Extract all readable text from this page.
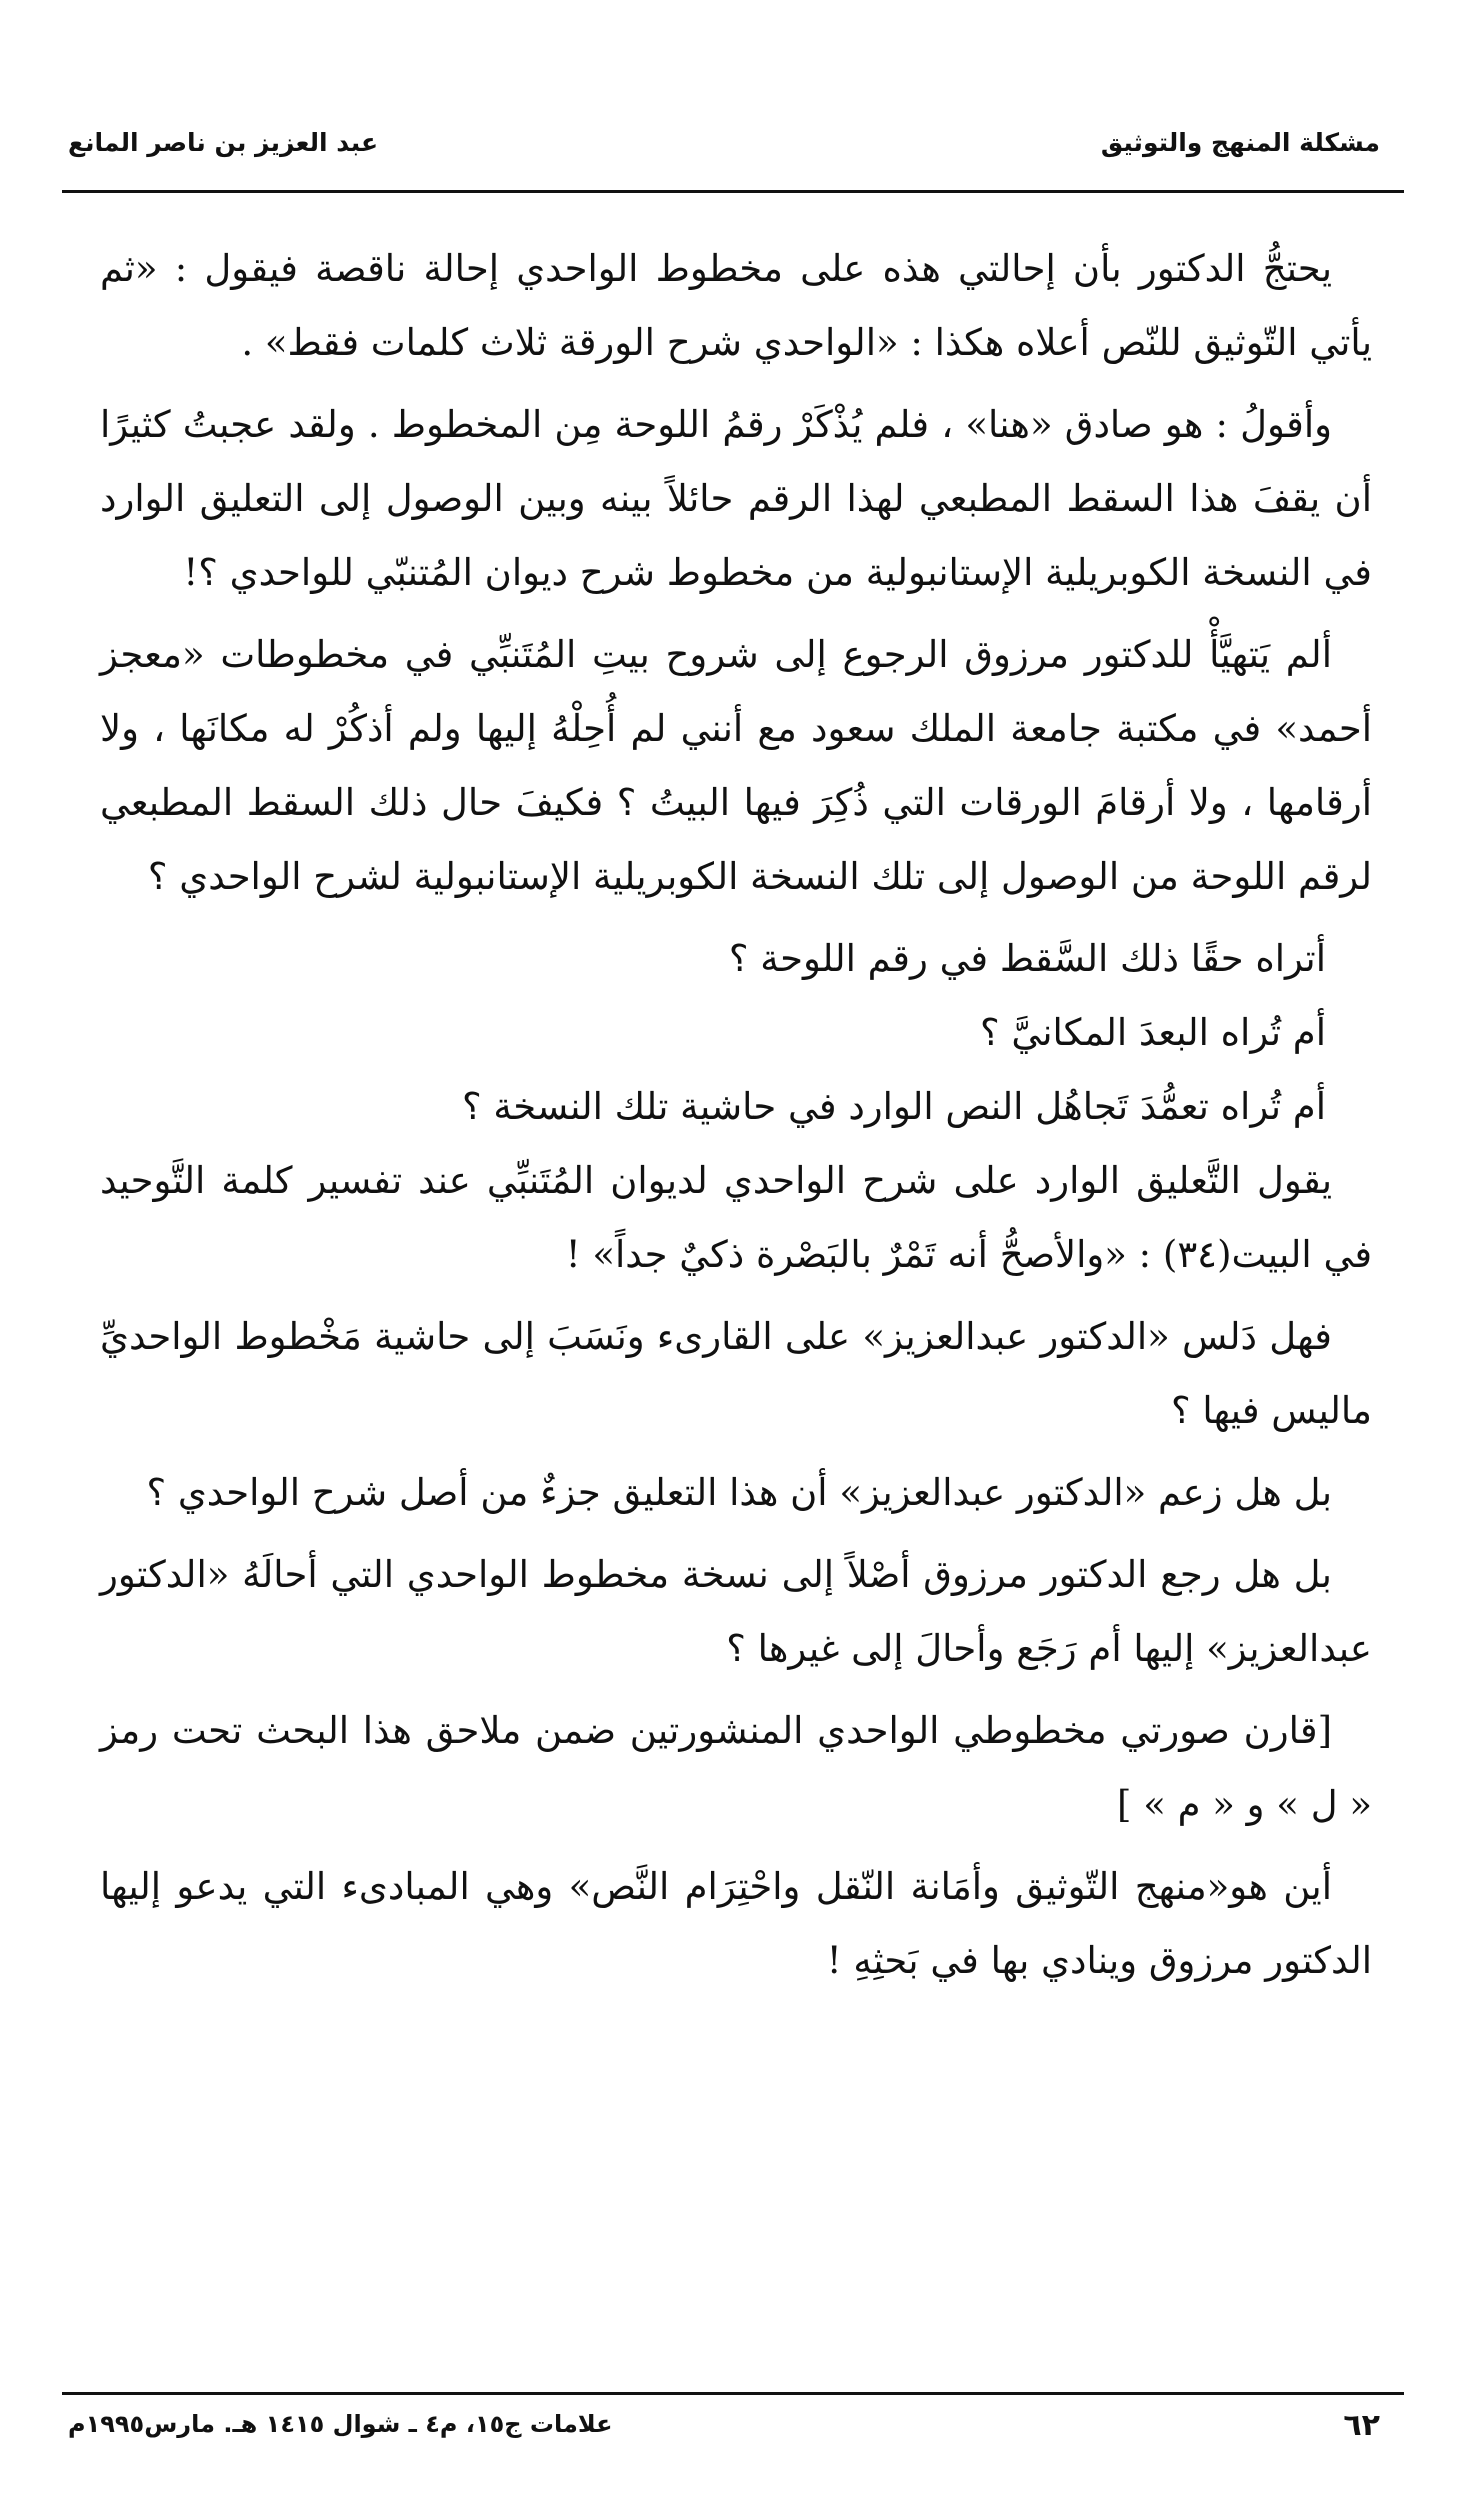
مشكلة المنهج والتوثيق
عبد العزيز بن ناصر المانع

يحتجُّ الدكتور بأن إحالتي هذه على مخطوط الواحدي إحالة ناقصة فيقول : «ثم يأتي التّوثيق للنّص أعلاه هكذا : «الواحدي شرح الورقة ثلاث كلمات فقط» .

وأقولُ : هو صادق «هنا» ، فلم يُذْكَرْ رقمُ اللوحة مِن المخطوط . ولقد عجبتُ كثيرًا أن يقفَ هذا السقط المطبعي لهذا الرقم حائلاً بينه وبين الوصول إلى التعليق الوارد في النسخة الكوبريلية الإستانبولية من مخطوط شرح ديوان المُتنبّي للواحدي ؟!

ألم يَتهيَّأْ للدكتور مرزوق الرجوع إلى شروح بيتِ المُتَنبِّي في مخطوطات «معجز أحمد» في مكتبة جامعة الملك سعود مع أنني لم أُحِلْهُ إليها ولم أذكُرْ له مكانَها ، ولا أرقامها ، ولا أرقامَ الورقات التي ذُكِرَ فيها البيتُ ؟ فكيفَ حال ذلك السقط المطبعي لرقم اللوحة من الوصول إلى تلك النسخة الكوبريلية الإستانبولية لشرح الواحدي ؟

أتراه حقًا ذلك السَّقط في رقم اللوحة ؟

أم تُراه البعدَ المكانيَّ ؟

أم تُراه تعمُّدَ تَجاهُل النص الوارد في حاشية تلك النسخة ؟

يقول التَّعليق الوارد على شرح الواحدي لديوان المُتَنبِّي عند تفسير كلمة التَّوحيد في البيت(٣٤) : «والأصحُّ أنه تَمْرٌ بالبَصْرة ذكيٌ جداً» !

فهل دَلس «الدكتور عبدالعزيز» على القارىء ونَسَبَ إلى حاشية مَخْطوط الواحديِّ ماليس فيها ؟

بل هل زعم «الدكتور عبدالعزيز» أن هذا التعليق جزءٌ من أصل شرح الواحدي ؟

بل هل رجع الدكتور مرزوق أصْلاً إلى نسخة مخطوط الواحدي التي أحالَهُ «الدكتور عبدالعزيز» إليها أم رَجَع وأحالَ إلى غيرها ؟

[قارن صورتي مخطوطي الواحدي المنشورتين ضمن ملاحق هذا البحث تحت رمز « ل » و « م » ]

أين هو«منهج التّوثيق وأمَانة النّقل واحْتِرَام النَّص» وهي المبادىء التي يدعو إليها الدكتور مرزوق وينادي بها في بَحثِهِ !

٦٢
علامات ج١٥، م٤ ـ شوال ١٤١٥ هـ. مارس١٩٩٥م
